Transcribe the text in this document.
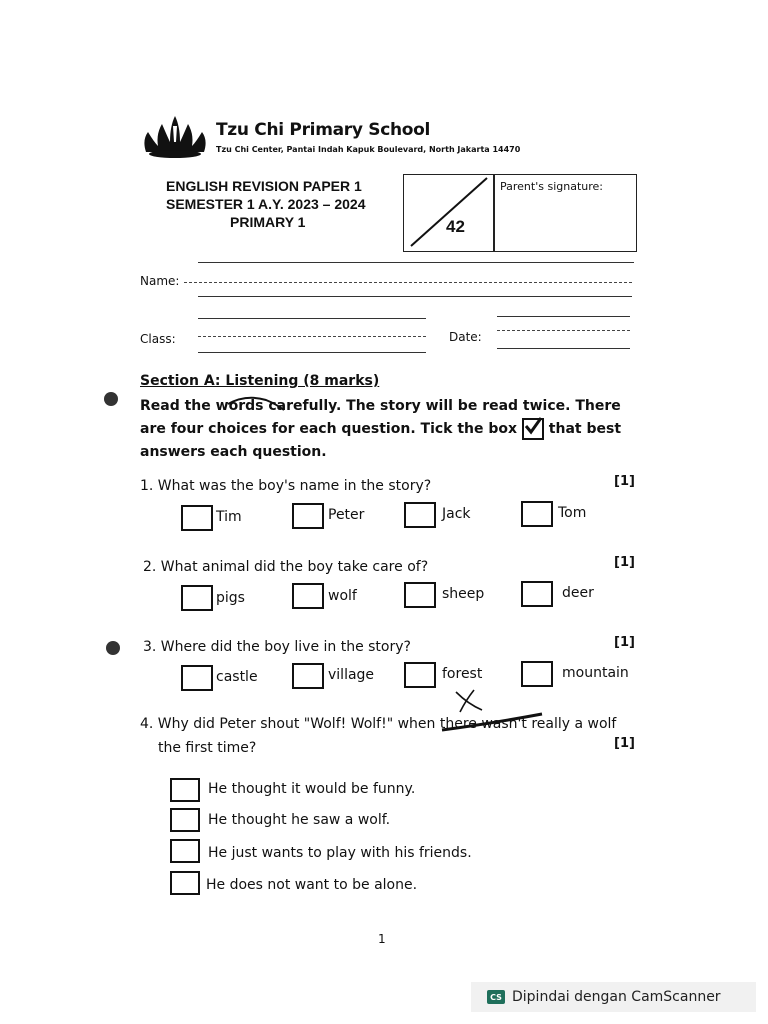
Tzu Chi Primary School
Tzu Chi Center, Pantai Indah Kapuk Boulevard, North Jakarta 14470
ENGLISH REVISION PAPER 1
SEMESTER 1 A.Y. 2023 – 2024
PRIMARY 1	42
Parent's signature:
Name:
Class:	Date:
Section A: Listening (8 marks)
Read the words carefully. The story will be read twice. There are four choices for each question. Tick the box that best answers each question.
1. What was the boy's name in the story?	[1]
Tim	Peter	Jack	Tom
2. What animal did the boy take care of?	[1]
pigs	wolf	sheep	deer
3. Where did the boy live in the story?	[1]
castle	village	forest	mountain
4. Why did Peter shout "Wolf! Wolf!" when there wasn't really a wolf
the first time?	[1]
He thought it would be funny.
He thought he saw a wolf.
He just wants to play with his friends.
He does not want to be alone.
1
CS Dipindai dengan CamScanner
